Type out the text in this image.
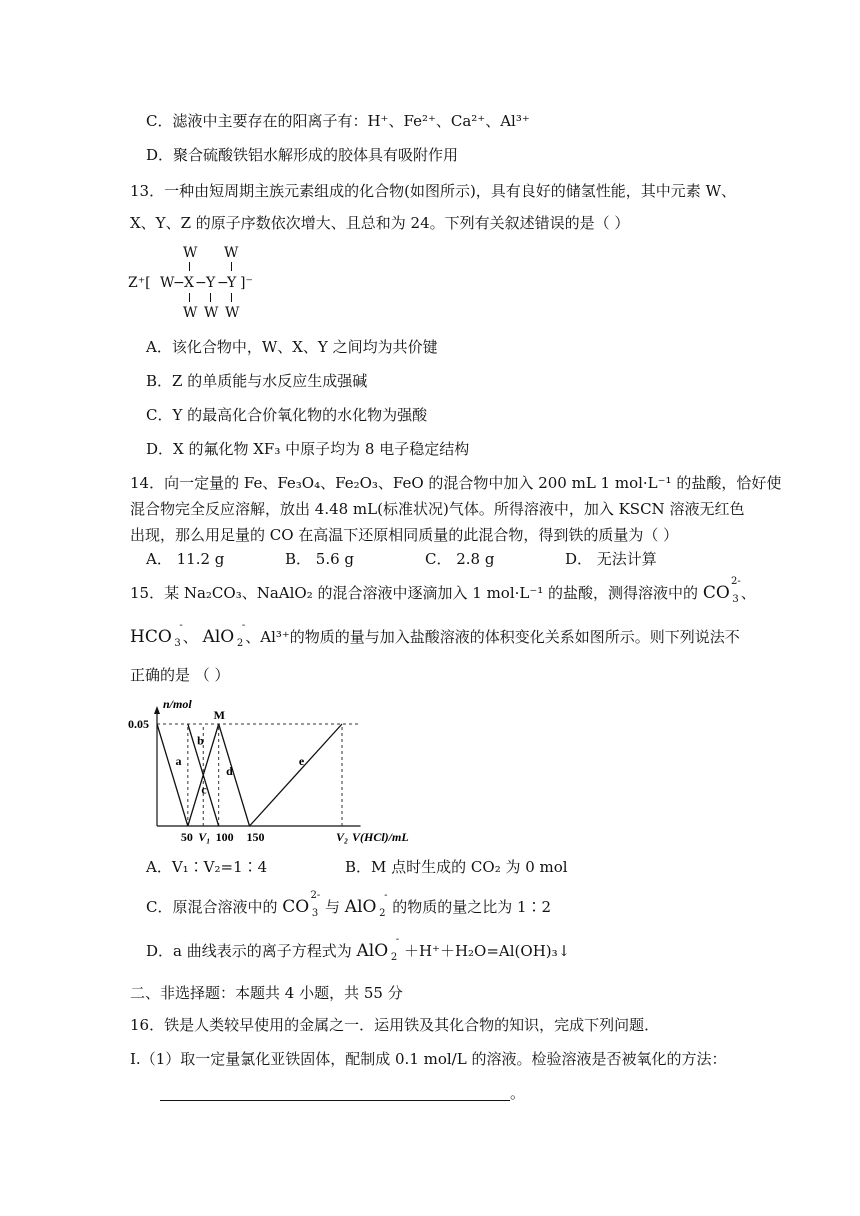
C．滤液中主要存在的阳离子有：H⁺、Fe²⁺、Ca²⁺、Al³⁺
D．聚合硫酸铁铝水解形成的胶体具有吸附作用
13．一种由短周期主族元素组成的化合物(如图所示)，具有良好的储氢性能，其中元素 W、
X、Y、Z 的原子序数依次增大、且总和为 24。下列有关叙述错误的是（ ）
W W
Z⁺[ W
− X − Y −
Y ]⁻
W W W
A．该化合物中，W、X、Y 之间均为共价键
B．Z 的单质能与水反应生成强碱
C．Y 的最高化合价氧化物的水化物为强酸
D．X 的氟化物 XF₃ 中原子均为 8 电子稳定结构
14．向一定量的 Fe、Fe₃O₄、Fe₂O₃、FeO 的混合物中加入 200 mL 1 mol·L⁻¹ 的盐酸，恰好使
混合物完全反应溶解，放出 4.48 mL(标准状况)气体。所得溶液中，加入 KSCN 溶液无红色
出现，那么用足量的 CO 在高温下还原相同质量的此混合物，得到铁的质量为（ ）
A． 11.2 g	B． 5.6 g	C． 2.8 g	D． 无法计算
15．某 Na₂CO₃、NaAlO₂ 的混合溶液中逐滴加入 1 mol·L⁻¹ 的盐酸，测得溶液中的 CO
2-
3 、
HCO
-
3 、 AlO
-
2 、Al³⁺的物质的量与加入盐酸溶液的体积变化关系如图所示。则下列说法不
正确的是 （ ）
n/mol
0.05
a
b
c
d
e
M
50 V₁ 100 150	V₂ V(HCl)/mL
A．V₁∶V₂=1∶4	B．M 点时生成的 CO₂ 为 0 mol
C．原混合溶液中的 CO
2-
3 与 AlO
-
2 的物质的量之比为 1∶2
D．a 曲线表示的离子方程式为 AlO
-
2 ＋H⁺＋H₂O=Al(OH)₃↓
二、非选择题：本题共 4 小题，共 55 分
16．铁是人类较早使用的金属之一．运用铁及其化合物的知识，完成下列问题．
I.（1）取一定量氯化亚铁固体，配制成 0.1 mol/L 的溶液。检验溶液是否被氧化的方法：
。
